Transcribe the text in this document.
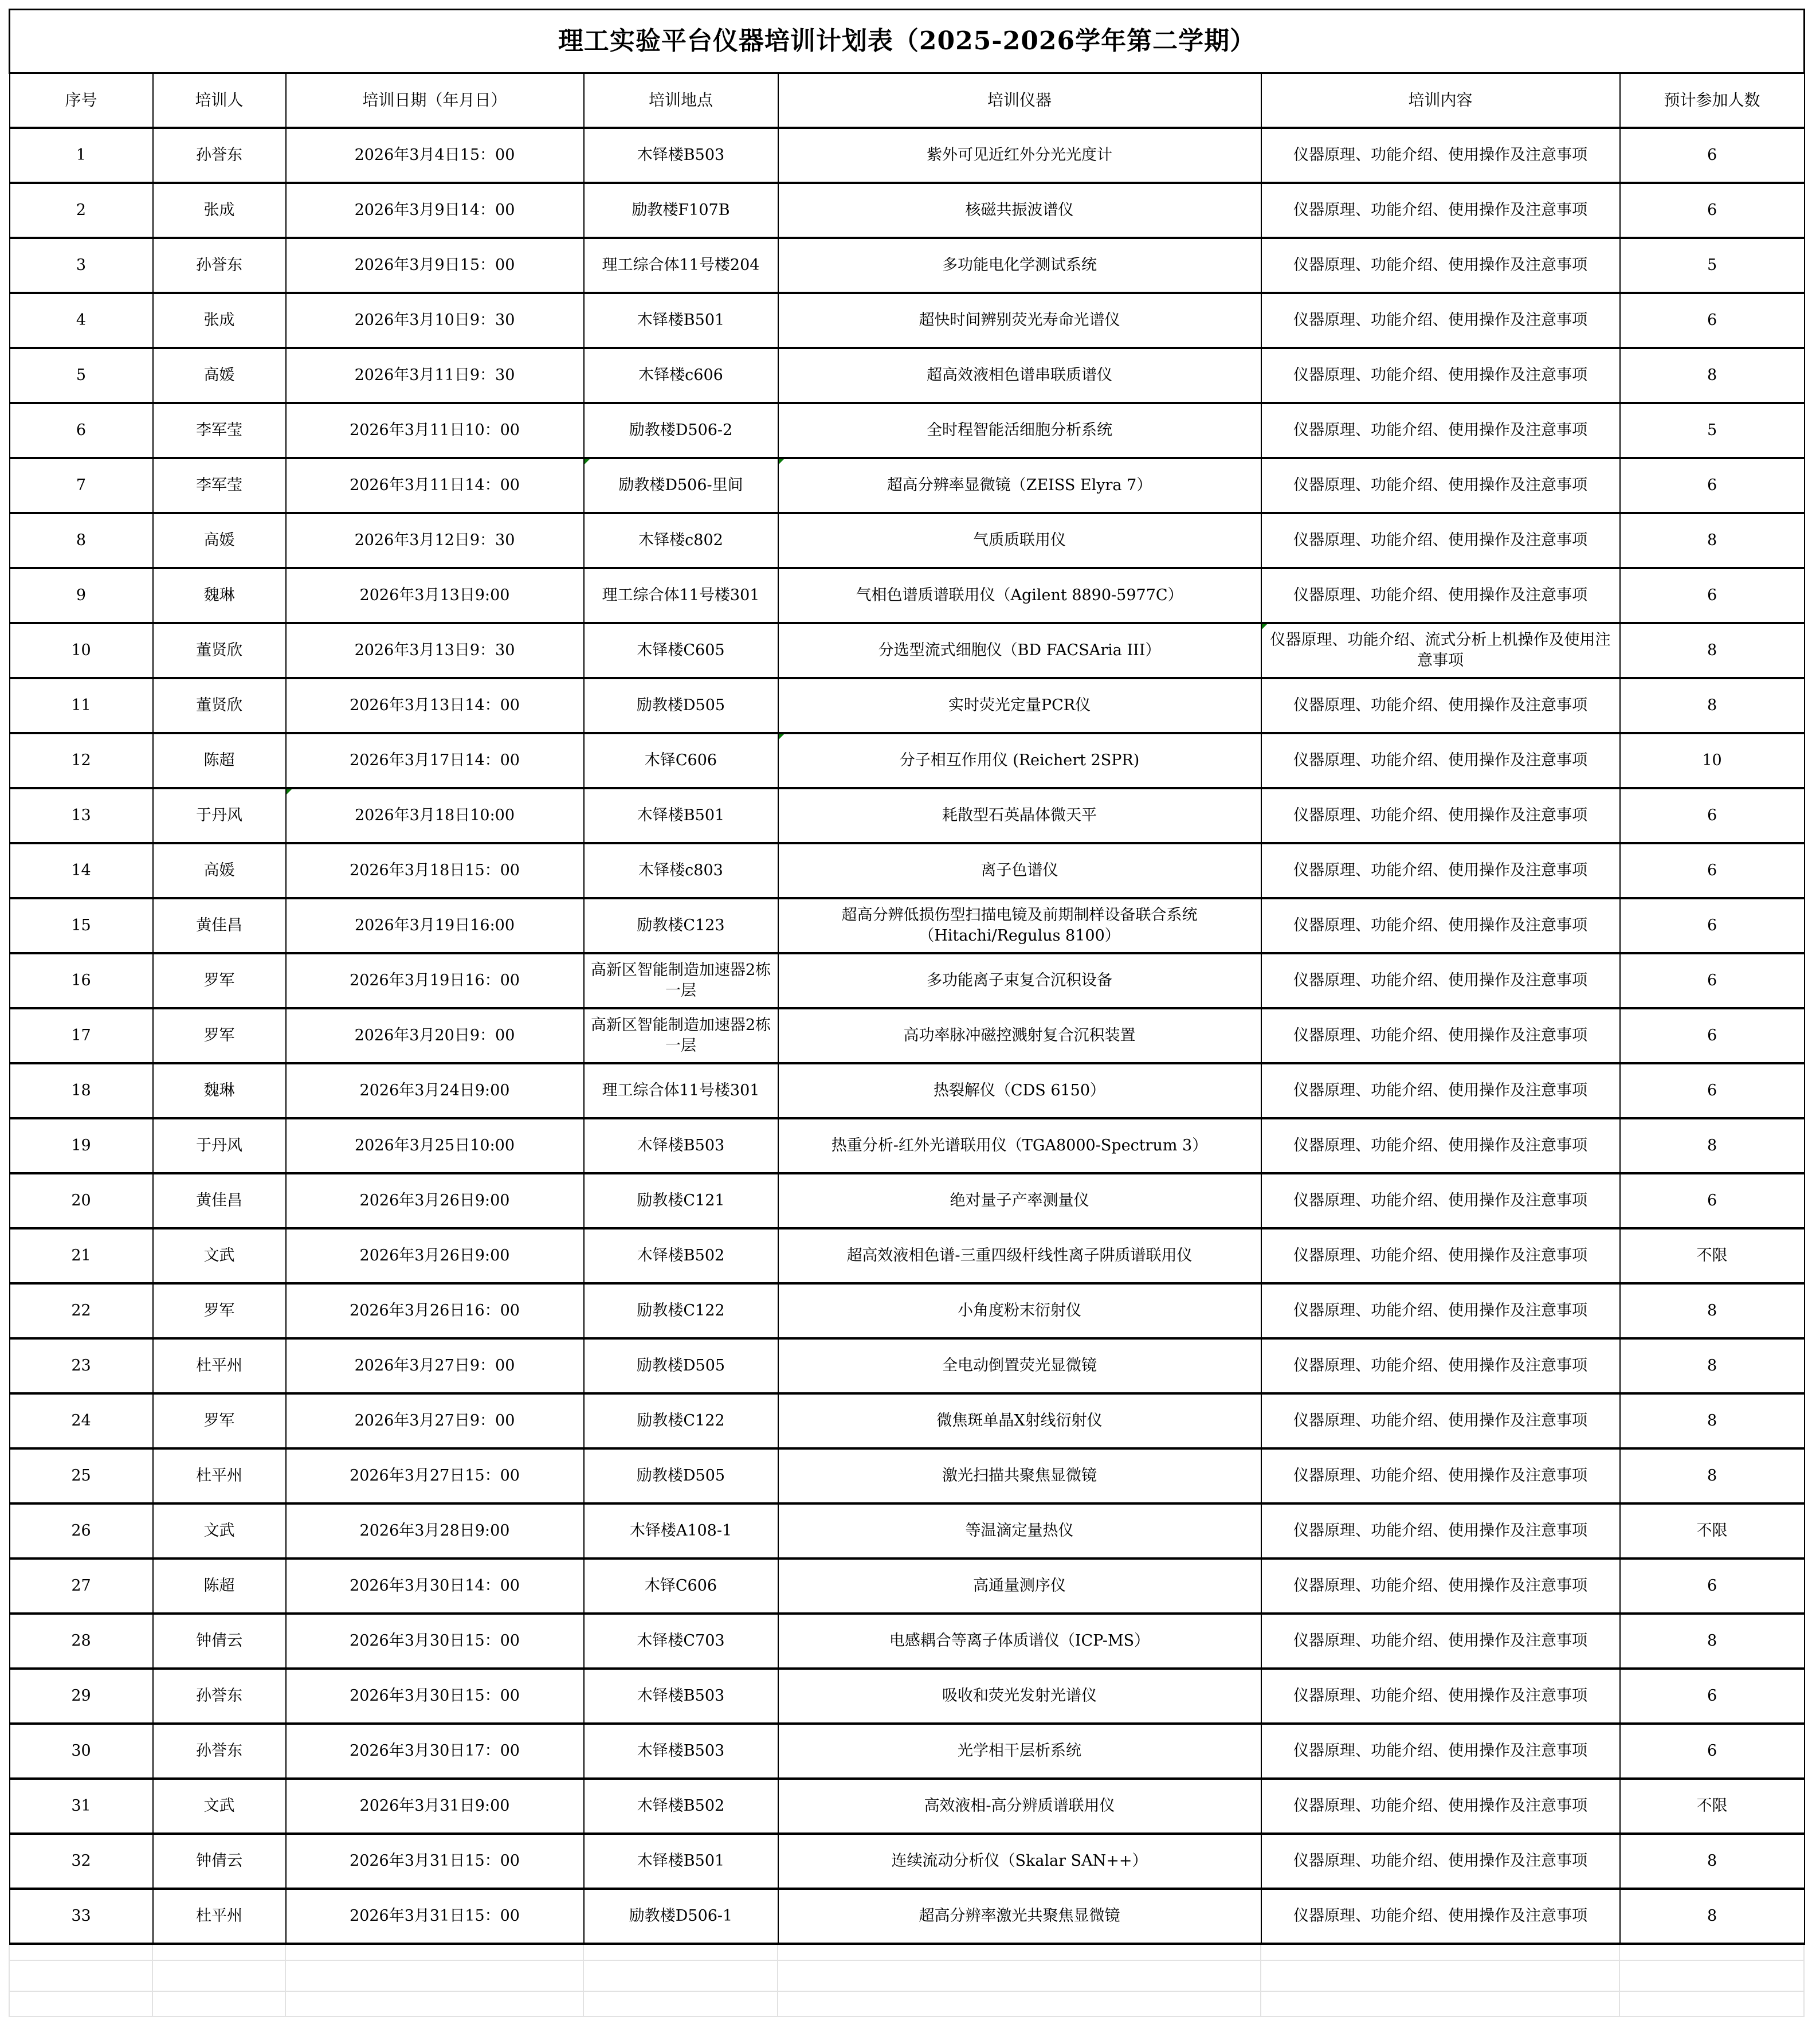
理工实验平台仪器培训计划表（2025-2026学年第二学期）						
序号	培训人	培训日期（年月日）	培训地点	培训仪器	培训内容	预计参加人数
1	孙誉东	2026年3月4日15：00	木铎楼B503	紫外可见近红外分光光度计	仪器原理、功能介绍、使用操作及注意事项	6
2	张成	2026年3月9日14：00	励教楼F107B	核磁共振波谱仪	仪器原理、功能介绍、使用操作及注意事项	6
3	孙誉东	2026年3月9日15：00	理工综合体11号楼204	多功能电化学测试系统	仪器原理、功能介绍、使用操作及注意事项	5
4	张成	2026年3月10日9：30	木铎楼B501	超快时间辨别荧光寿命光谱仪	仪器原理、功能介绍、使用操作及注意事项	6
5	高媛	2026年3月11日9：30	木铎楼c606	超高效液相色谱串联质谱仪	仪器原理、功能介绍、使用操作及注意事项	8
6	李军莹	2026年3月11日10：00	励教楼D506-2	全时程智能活细胞分析系统	仪器原理、功能介绍、使用操作及注意事项	5
7	李军莹	2026年3月11日14：00	励教楼D506-里间	超高分辨率显微镜（ZEISS Elyra 7）	仪器原理、功能介绍、使用操作及注意事项	6
8	高媛	2026年3月12日9：30	木铎楼c802	气质质联用仪	仪器原理、功能介绍、使用操作及注意事项	8
9	魏琳	2026年3月13日9:00	理工综合体11号楼301	气相色谱质谱联用仪（Agilent 8890-5977C）	仪器原理、功能介绍、使用操作及注意事项	6
10	董贤欣	2026年3月13日9：30	木铎楼C605	分选型流式细胞仪（BD FACSAria III）	仪器原理、功能介绍、流式分析上机操作及使用注意事项	8
11	董贤欣	2026年3月13日14：00	励教楼D505	实时荧光定量PCR仪	仪器原理、功能介绍、使用操作及注意事项	8
12	陈超	2026年3月17日14：00	木铎C606	分子相互作用仪 (Reichert 2SPR)	仪器原理、功能介绍、使用操作及注意事项	10
13	于丹风	2026年3月18日10:00	木铎楼B501	耗散型石英晶体微天平	仪器原理、功能介绍、使用操作及注意事项	6
14	高媛	2026年3月18日15：00	木铎楼c803	离子色谱仪	仪器原理、功能介绍、使用操作及注意事项	6
15	黄佳昌	2026年3月19日16:00	励教楼C123	超高分辨低损伤型扫描电镜及前期制样设备联合系统（Hitachi/Regulus 8100）	仪器原理、功能介绍、使用操作及注意事项	6
16	罗军	2026年3月19日16：00	高新区智能制造加速器2栋一层	多功能离子束复合沉积设备	仪器原理、功能介绍、使用操作及注意事项	6
17	罗军	2026年3月20日9：00	高新区智能制造加速器2栋一层	高功率脉冲磁控溅射复合沉积装置	仪器原理、功能介绍、使用操作及注意事项	6
18	魏琳	2026年3月24日9:00	理工综合体11号楼301	热裂解仪（CDS 6150）	仪器原理、功能介绍、使用操作及注意事项	6
19	于丹风	2026年3月25日10:00	木铎楼B503	热重分析-红外光谱联用仪（TGA8000-Spectrum 3）	仪器原理、功能介绍、使用操作及注意事项	8
20	黄佳昌	2026年3月26日9:00	励教楼C121	绝对量子产率测量仪	仪器原理、功能介绍、使用操作及注意事项	6
21	文武	2026年3月26日9:00	木铎楼B502	超高效液相色谱-三重四级杆线性离子阱质谱联用仪	仪器原理、功能介绍、使用操作及注意事项	不限
22	罗军	2026年3月26日16：00	励教楼C122	小角度粉末衍射仪	仪器原理、功能介绍、使用操作及注意事项	8
23	杜平州	2026年3月27日9：00	励教楼D505	全电动倒置荧光显微镜	仪器原理、功能介绍、使用操作及注意事项	8
24	罗军	2026年3月27日9：00	励教楼C122	微焦斑单晶X射线衍射仪	仪器原理、功能介绍、使用操作及注意事项	8
25	杜平州	2026年3月27日15：00	励教楼D505	激光扫描共聚焦显微镜	仪器原理、功能介绍、使用操作及注意事项	8
26	文武	2026年3月28日9:00	木铎楼A108-1	等温滴定量热仪	仪器原理、功能介绍、使用操作及注意事项	不限
27	陈超	2026年3月30日14：00	木铎C606	高通量测序仪	仪器原理、功能介绍、使用操作及注意事项	6
28	钟倩云	2026年3月30日15：00	木铎楼C703	电感耦合等离子体质谱仪（ICP-MS）	仪器原理、功能介绍、使用操作及注意事项	8
29	孙誉东	2026年3月30日15：00	木铎楼B503	吸收和荧光发射光谱仪	仪器原理、功能介绍、使用操作及注意事项	6
30	孙誉东	2026年3月30日17：00	木铎楼B503	光学相干层析系统	仪器原理、功能介绍、使用操作及注意事项	6
31	文武	2026年3月31日9:00	木铎楼B502	高效液相-高分辨质谱联用仪	仪器原理、功能介绍、使用操作及注意事项	不限
32	钟倩云	2026年3月31日15：00	木铎楼B501	连续流动分析仪（Skalar SAN++）	仪器原理、功能介绍、使用操作及注意事项	8
33	杜平州	2026年3月31日15：00	励教楼D506-1	超高分辨率激光共聚焦显微镜	仪器原理、功能介绍、使用操作及注意事项	8
